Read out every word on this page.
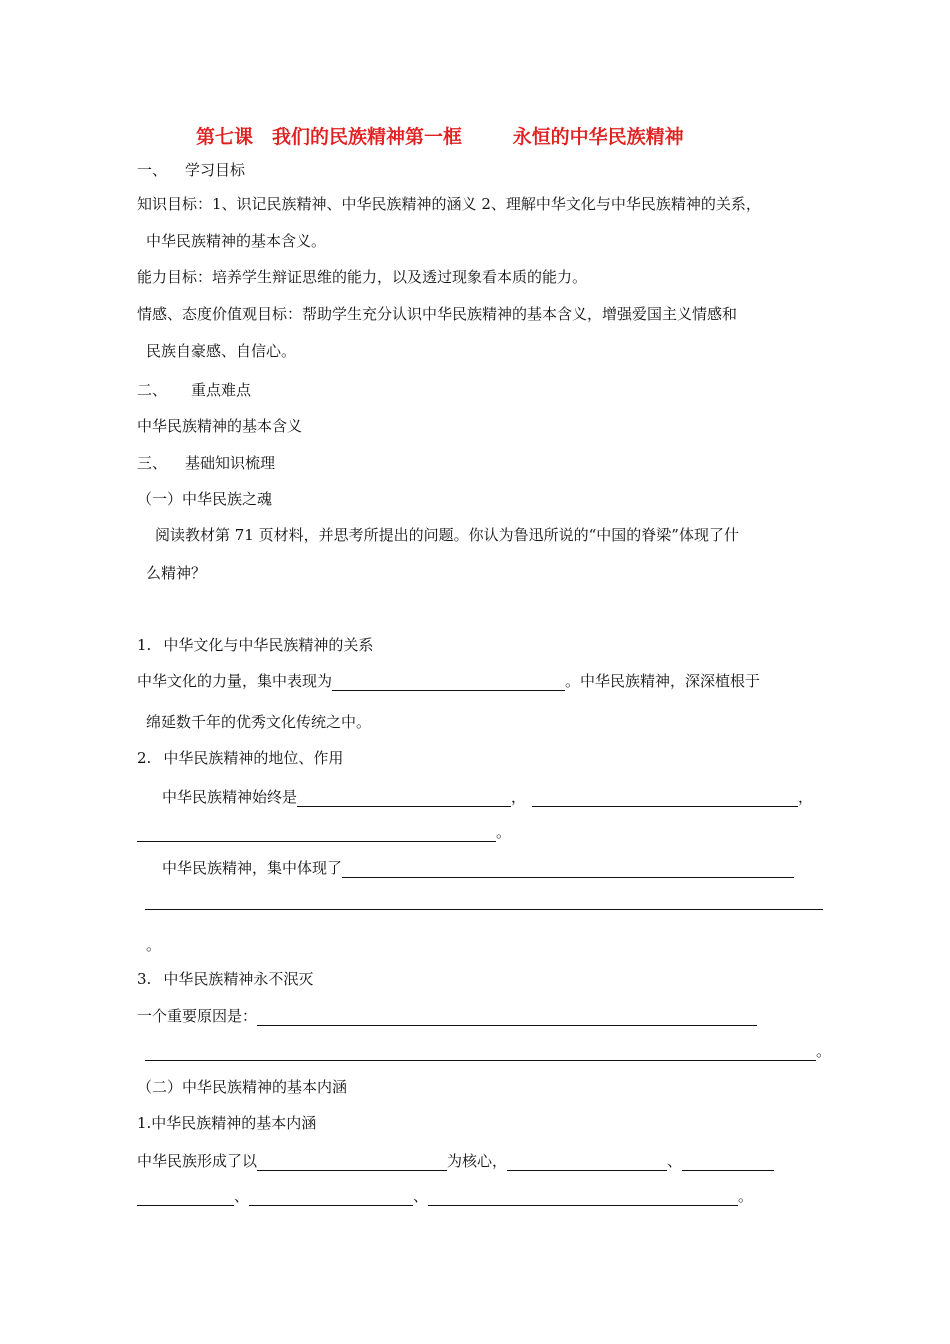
第七课　我们的民族精神第一框	永恒的中华民族精神
一、 学习目标
知识目标：1、识记民族精神、中华民族精神的涵义 2、理解中华文化与中华民族精神的关系，
中华民族精神的基本含义。
能力目标：培养学生辩证思维的能力，以及透过现象看本质的能力。
情感、态度价值观目标：帮助学生充分认识中华民族精神的基本含义，增强爱国主义情感和
民族自豪感、自信心。
二、 重点难点
中华民族精神的基本含义
三、 基础知识梳理
（一）中华民族之魂
阅读教材第 71 页材料，并思考所提出的问题。你认为鲁迅所说的“中国的脊梁”体现了什
么精神？
1. 中华文化与中华民族精神的关系
中华文化的力量，集中表现为	。中华民族精神，深深植根于
绵延数千年的优秀文化传统之中。
2. 中华民族精神的地位、作用
中华民族精神始终是	，	，
。
中华民族精神，集中体现了
。
3. 中华民族精神永不泯灭
一个重要原因是：
。
（二）中华民族精神的基本内涵
1.中华民族精神的基本内涵
中华民族形成了以	为核心，	、
、	、	。
